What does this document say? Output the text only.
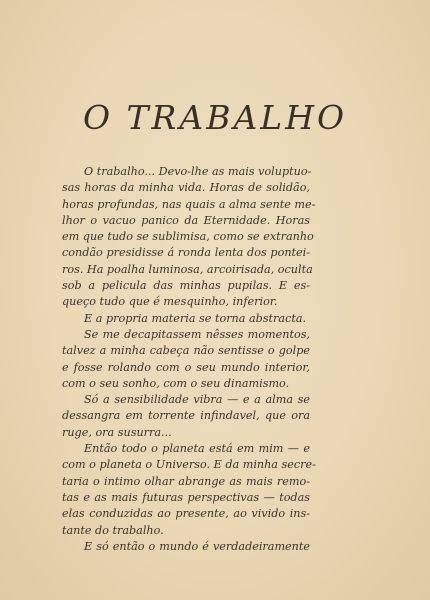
O TRABALHO
O trabalho... Devo-lhe as mais voluptuo-
sas horas da minha vida. Horas de solidão,
horas profundas, nas quais a alma sente me-
lhor o vacuo panico da Eternidade. Horas
em que tudo se sublimisa, como se extranho
condão presidisse á ronda lenta dos pontei-
ros. Ha poalha luminosa, arcoirisada, oculta
sob a pelicula das minhas pupilas. E es-
queço tudo que é mesquinho, inferior.
E a propria materia se torna abstracta.
Se me decapitassem nêsses momentos,
talvez a minha cabeça não sentisse o golpe
e fosse rolando com o seu mundo interior,
com o seu sonho, com o seu dinamismo.
Só a sensibilidade vibra — e a alma se
dessangra em torrente infindavel, que ora
ruge, ora susurra...
Então todo o planeta está em mim — e
com o planeta o Universo. E da minha secre-
taria o intimo olhar abrange as mais remo-
tas e as mais futuras perspectivas — todas
elas conduzidas ao presente, ao vivido ins-
tante do trabalho.
E só então o mundo é verdadeiramente
